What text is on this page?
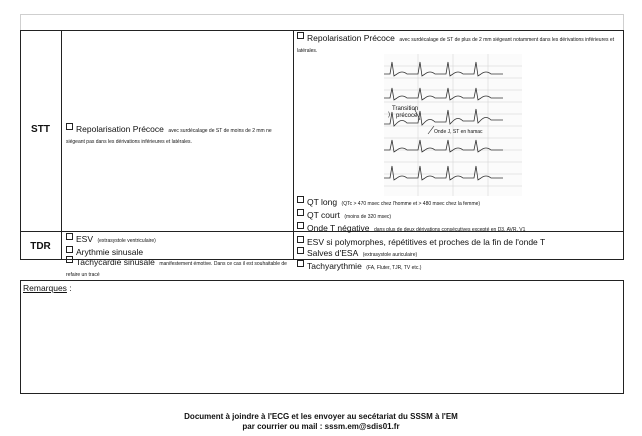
STT	Repolarisation Précoce avec surdécalage de ST de moins de 2 mm ne siégeant pas dans les dérivations inférieures et latérales.
Repolarisation Précoce avec surdécalage de ST de plus de 2 mm siégeant notamment dans les dérivations inférieures et latérales.
)
Transition
précoce
Onde J, ST en hamac
QT long (QTc > 470 msec chez l'homme et > 480 msec chez la femme)
QT court (moins de 320 msec)
Onde T négative dans plus de deux dérivations consécutives excepté en D3, AVR, V1
TDR
ESV (extrasystole ventriculaire)
Arythmie sinusale
Tachycardie sinusale manifestement émotive. Dans ce cas il est souhaitable de refaire un tracé
ESV si polymorphes, répétitives et proches de la fin de l'onde T
Salves d'ESA (extrasystole auriculaire)
Tachyarythmie (FA, Fluter, TJR, TV etc.)
Remarques :
Document à joindre à l'ECG et les envoyer au secétariat du SSSM à l'EM
par courrier ou mail : sssm.em@sdis01.fr
